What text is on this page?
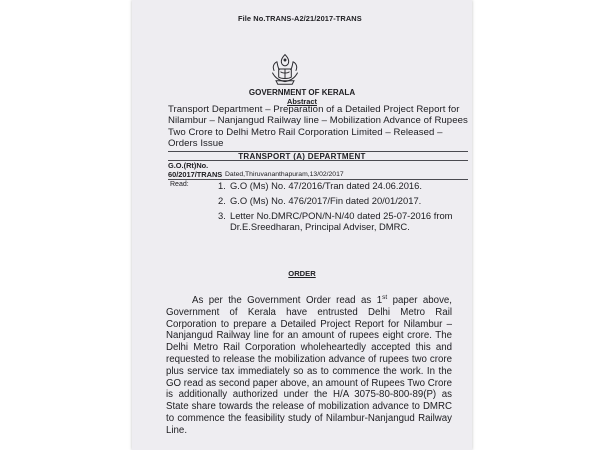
File No.TRANS-A2/21/2017-TRANS
GOVERNMENT OF KERALA
Abstract

Transport Department – Preparation of a Detailed Project Report for Nilambur – Nanjangud Railway line – Mobilization Advance of Rupees Two Crore to Delhi Metro Rail Corporation Limited – Released – Orders Issue

TRANSPORT (A) DEPARTMENT
G.O.(Rt)No.
60/2017/TRANS Dated,Thiruvananthapuram,13/02/2017
Read:	1. G.O (Ms) No. 47/2016/Tran dated 24.06.2016.
2. G.O (Ms) No. 476/2017/Fin dated 20/01/2017.
3. Letter No.DMRC/PON/N-N/40 dated 25-07-2016 from Dr.E.Sreedharan, Principal Adviser, DMRC.
ORDER

As per the Government Order read as 1st paper above, Government of Kerala have entrusted Delhi Metro Rail Corporation to prepare a Detailed Project Report for Nilambur – Nanjangud Railway line for an amount of rupees eight crore. The Delhi Metro Rail Corporation wholeheartedly accepted this and requested to release the mobilization advance of rupees two crore plus service tax immediately so as to commence the work. In the GO read as second paper above, an amount of Rupees Two Crore is additionally authorized under the H/A 3075-80-800-89(P) as State share towards the release of mobilization advance to DMRC to commence the feasibility study of Nilambur-Nanjangud Railway Line.
